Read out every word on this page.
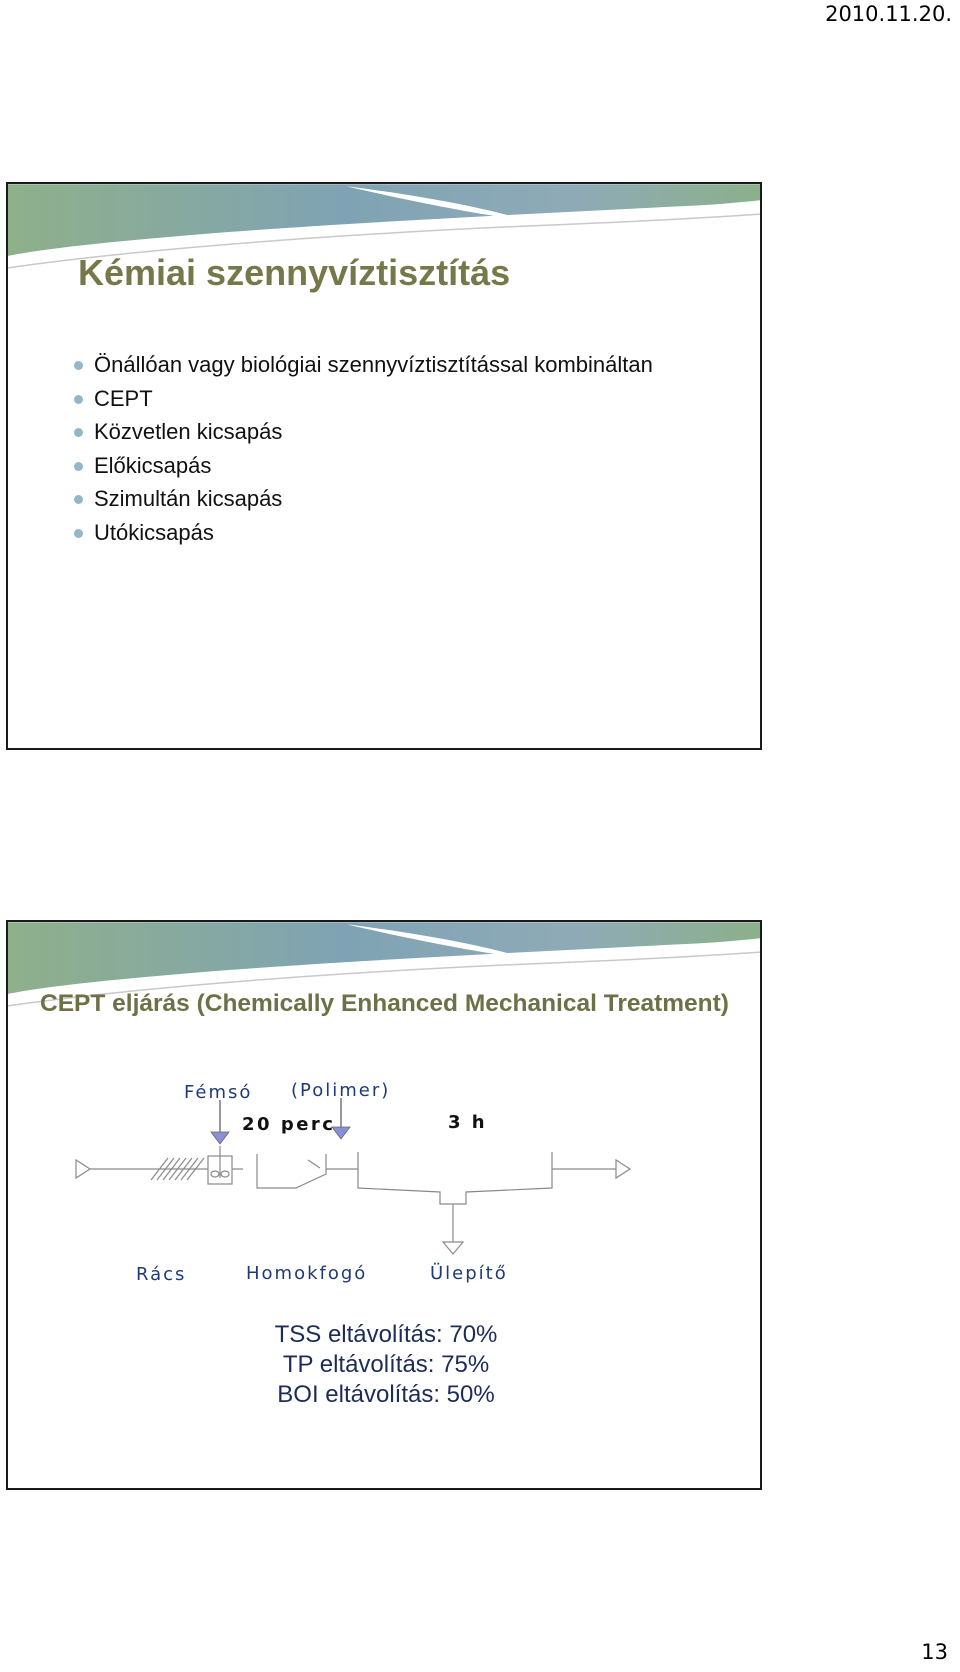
2010.11.20.
Kémiai szennyvíztisztítás
Önállóan vagy biológiai szennyvíztisztítással kombináltan
CEPT
Közvetlen kicsapás
Előkicsapás
Szimultán kicsapás
Utókicsapás
CEPT eljárás (Chemically Enhanced Mechanical Treatment)
Fémsó (Polimer)
20 perc	3 h
Rács	Homokfogó	Ülepítő
TSS eltávolítás: 70%
TP eltávolítás: 75%
BOI eltávolítás: 50%
13
